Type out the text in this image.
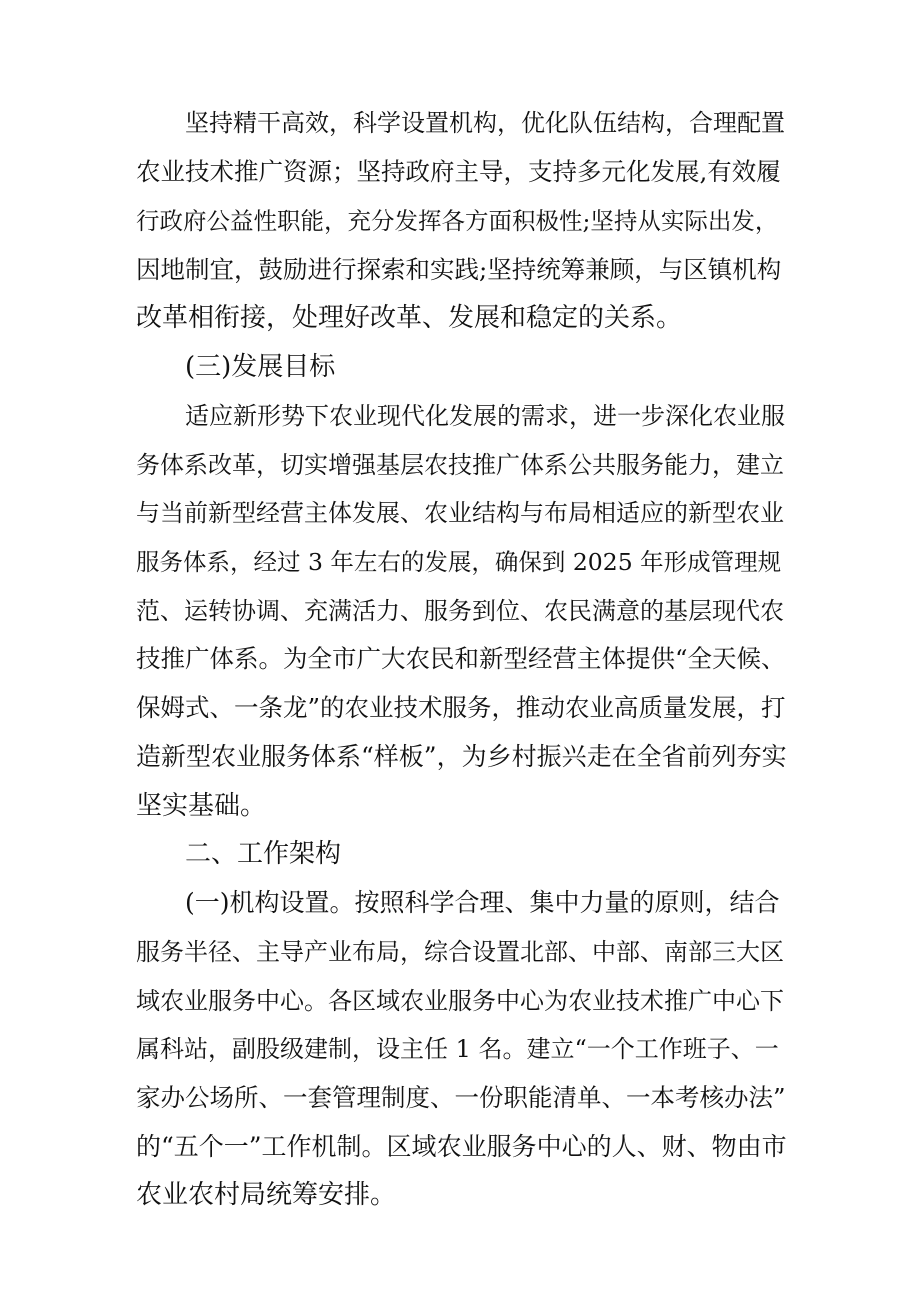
坚持精干高效，科学设置机构，优化队伍结构，合理配置
农业技术推广资源；坚持政府主导，支持多元化发展,有效履
行政府公益性职能，充分发挥各方面积极性;坚持从实际出发，
因地制宜，鼓励进行探索和实践;坚持统筹兼顾，与区镇机构
改革相衔接，处理好改革、发展和稳定的关系。
(三)发展目标
适应新形势下农业现代化发展的需求，进一步深化农业服
务体系改革，切实增强基层农技推广体系公共服务能力，建立
与当前新型经营主体发展、农业结构与布局相适应的新型农业
服务体系，经过 3 年左右的发展，确保到 2025 年形成管理规
范、运转协调、充满活力、服务到位、农民满意的基层现代农
技推广体系。为全市广大农民和新型经营主体提供“全天候、
保姆式、一条龙”的农业技术服务，推动农业高质量发展，打
造新型农业服务体系“样板”，为乡村振兴走在全省前列夯实
坚实基础。
二、工作架构
(一)机构设置。按照科学合理、集中力量的原则，结合
服务半径、主导产业布局，综合设置北部、中部、南部三大区
域农业服务中心。各区域农业服务中心为农业技术推广中心下
属科站，副股级建制，设主任 1 名。建立“一个工作班子、一
家办公场所、一套管理制度、一份职能清单、一本考核办法”
的“五个一”工作机制。区域农业服务中心的人、财、物由市
农业农村局统筹安排。
